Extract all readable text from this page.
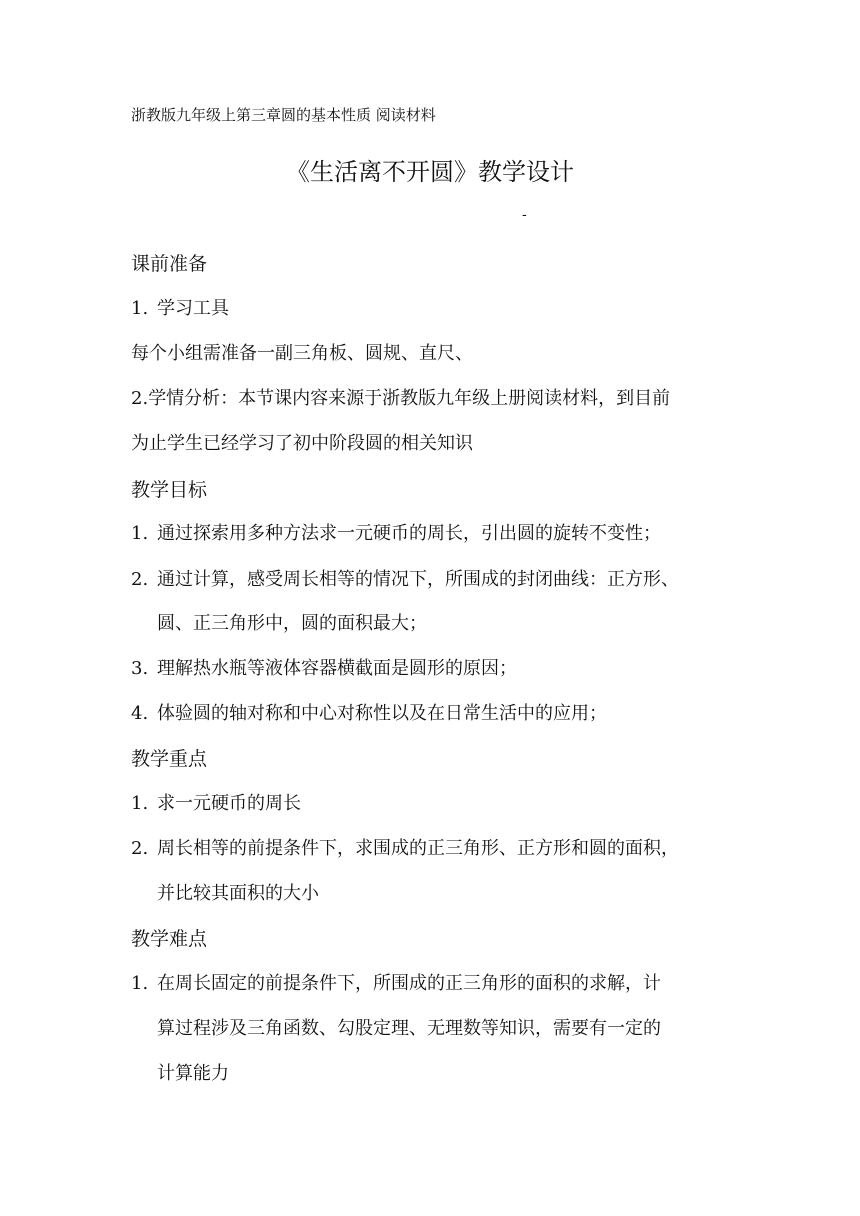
浙教版九年级上第三章圆的基本性质 阅读材料
《生活离不开圆》教学设计
-
课前准备
1. 学习工具
每个小组需准备一副三角板、圆规、直尺、
2.学情分析：本节课内容来源于浙教版九年级上册阅读材料，到目前
为止学生已经学习了初中阶段圆的相关知识
教学目标
1. 通过探索用多种方法求一元硬币的周长，引出圆的旋转不变性；
2. 通过计算，感受周长相等的情况下，所围成的封闭曲线：正方形、
圆、正三角形中，圆的面积最大；
3. 理解热水瓶等液体容器横截面是圆形的原因；
4. 体验圆的轴对称和中心对称性以及在日常生活中的应用；
教学重点
1. 求一元硬币的周长
2. 周长相等的前提条件下，求围成的正三角形、正方形和圆的面积，
并比较其面积的大小
教学难点
1. 在周长固定的前提条件下，所围成的正三角形的面积的求解，计
算过程涉及三角函数、勾股定理、无理数等知识，需要有一定的
计算能力
